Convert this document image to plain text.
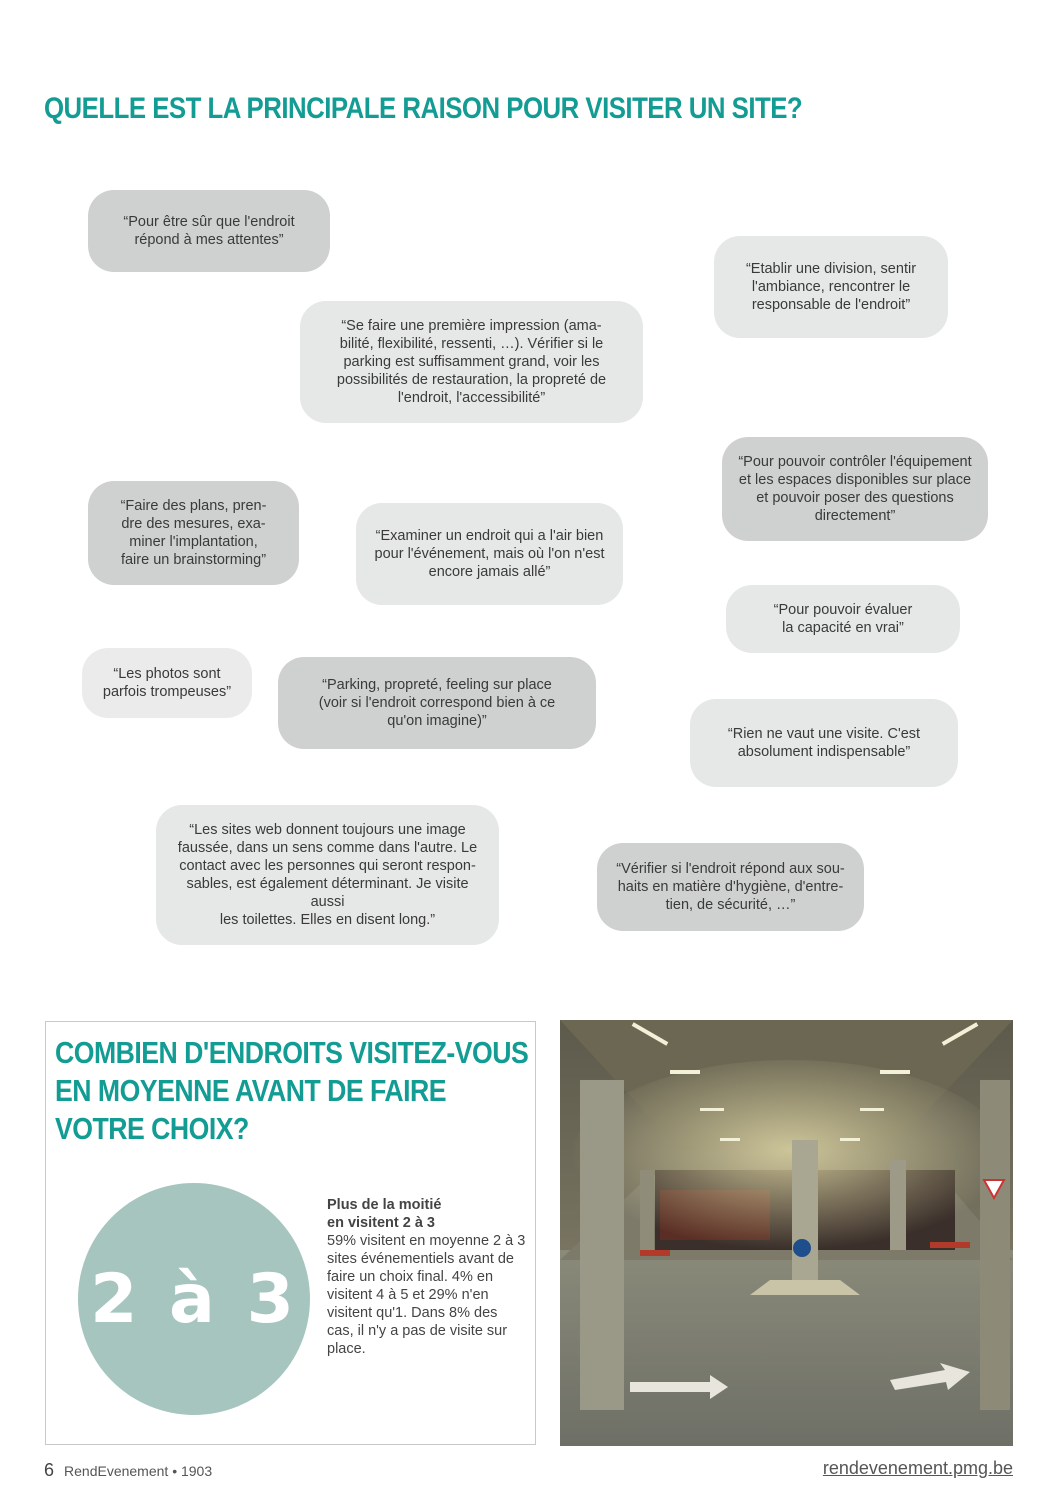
QUELLE EST LA PRINCIPALE RAISON POUR VISITER UN SITE?
“Pour être sûr que l'endroit
répond à mes attentes”
“Etablir une division, sentir
l'ambiance, rencontrer le
responsable de l'endroit”
“Se faire une première impression (ama-
bilité, flexibilité, ressenti, …). Vérifier si le
parking est suffisamment grand, voir les
possibilités de restauration, la propreté de
l'endroit, l'accessibilité”
“Pour pouvoir contrôler l'équipement
et les espaces disponibles sur place
et pouvoir poser des questions
directement”
“Faire des plans, pren-
dre des mesures, exa-
miner l'implantation,
faire un brainstorming”
“Examiner un endroit qui a l'air bien
pour l'événement, mais où l'on n'est
encore jamais allé”
“Pour pouvoir évaluer
la capacité en vrai”
“Les photos sont
parfois trompeuses”	“Parking, propreté, feeling sur place
(voir si l'endroit correspond bien à ce
qu'on imagine)”
“Rien ne vaut une visite. C'est
absolument indispensable”
“Les sites web donnent toujours une image
faussée, dans un sens comme dans l'autre. Le
contact avec les personnes qui seront respon-
sables, est également déterminant. Je visite aussi
les toilettes. Elles en disent long.”
“Vérifier si l'endroit répond aux sou-
haits en matière d'hygiène, d'entre-
tien, de sécurité, …”
COMBIEN D'ENDROITS VISITEZ-VOUS
EN MOYENNE AVANT DE FAIRE
VOTRE CHOIX?
2 à 3
Plus de la moitié
en visitent 2 à 3
59% visitent en moyenne 2 à 3 sites événementiels avant de faire un choix final. 4% en visitent 4 à 5 et 29% n'en visitent qu'1. Dans 8% des cas, il n'y a pas de visite sur place.
6 RendEvenement • 1903	rendevenement.pmg.be
